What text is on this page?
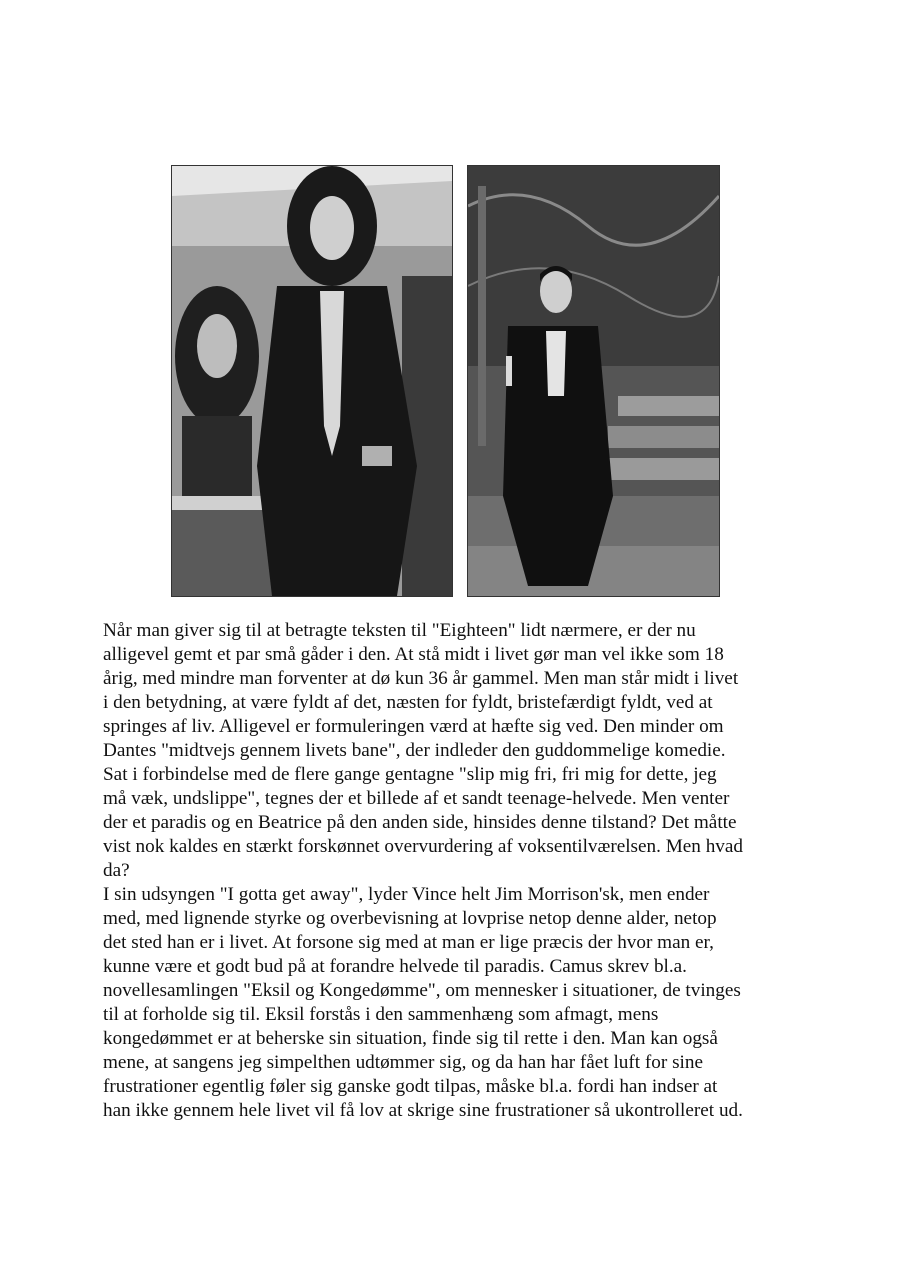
Når man giver sig til at betragte teksten til "Eighteen" lidt nærmere, er der nu
alligevel gemt et par små gåder i den. At stå midt i livet gør man vel ikke som 18
årig, med mindre man forventer at dø kun 36 år gammel. Men man står midt i livet
i den betydning, at være fyldt af det, næsten for fyldt, bristefærdigt fyldt, ved at
springes af liv. Alligevel er formuleringen værd at hæfte sig ved. Den minder om
Dantes "midtvejs gennem livets bane", der indleder den guddommelige komedie.
Sat i forbindelse med de flere gange gentagne "slip mig fri, fri mig for dette, jeg
må væk, undslippe", tegnes der et billede af et sandt teenage-helvede. Men venter
der et paradis og en Beatrice på den anden side, hinsides denne tilstand? Det måtte
vist nok kaldes en stærkt forskønnet overvurdering af voksentilværelsen. Men hvad
da?

I sin udsyngen "I gotta get away", lyder Vince helt Jim Morrison'sk, men ender
med, med lignende styrke og overbevisning at lovprise netop denne alder, netop
det sted han er i livet. At forsone sig med at man er lige præcis der hvor man er,
kunne være et godt bud på at forandre helvede til paradis. Camus skrev bl.a.
novellesamlingen "Eksil og Kongedømme", om mennesker i situationer, de tvinges
til at forholde sig til. Eksil forstås i den sammenhæng som afmagt, mens
kongedømmet er at beherske sin situation, finde sig til rette i den. Man kan også
mene, at sangens jeg simpelthen udtømmer sig, og da han har fået luft for sine
frustrationer egentlig føler sig ganske godt tilpas, måske bl.a. fordi han indser at
han ikke gennem hele livet vil få lov at skrige sine frustrationer så ukontrolleret ud.
